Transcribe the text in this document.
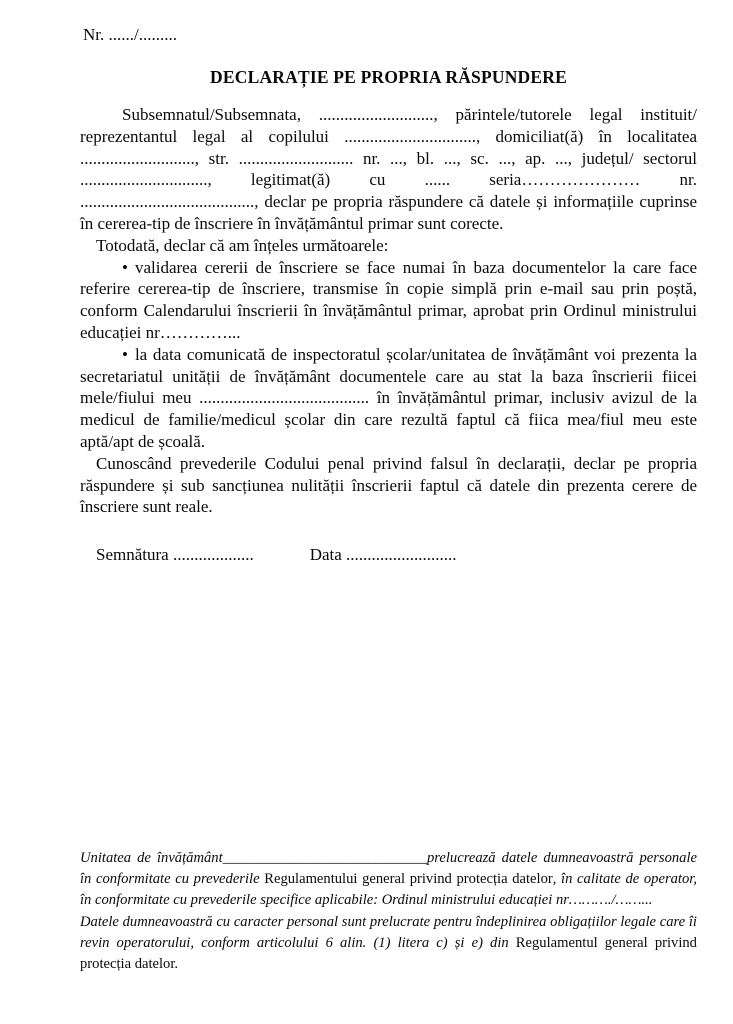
Nr. ....../.........
DECLARAȚIE PE PROPRIA RĂSPUNDERE

Subsemnatul/Subsemnata, ..........................., părintele/tutorele legal instituit/ reprezentantul legal al copilului ..............................., domiciliat(ă) în localitatea ..........................., str. ........................... nr. ..., bl. ..., sc. ..., ap. ..., județul/ sectorul .............................., legitimat(ă) cu ...... seria………………… nr. ........................................., declar pe propria răspundere că datele și informațiile cuprinse în cererea-tip de înscriere în învățământul primar sunt corecte.

Totodată, declar că am înțeles următoarele:

• validarea cererii de înscriere se face numai în baza documentelor la care face referire cererea-tip de înscriere, transmise în copie simplă prin e-mail sau prin poștă, conform Calendarului înscrierii în învățământul primar, aprobat prin Ordinul ministrului educației nr…………...

• la data comunicată de inspectoratul școlar/unitatea de învățământ voi prezenta la secretariatul unității de învățământ documentele care au stat la baza înscrierii fiicei mele/fiului meu ........................................ în învățământul primar, inclusiv avizul de la medicul de familie/medicul școlar din care rezultă faptul că fiica mea/fiul meu este aptă/apt de școală.

Cunoscând prevederile Codului penal privind falsul în declarații, declar pe propria răspundere și sub sancțiunea nulității înscrierii faptul că datele din prezenta cerere de înscriere sunt reale.

Semnătura ...................	Data ..........................

Unitatea de învățământ____________________________prelucrează datele dumneavoastră personale în conformitate cu prevederile Regulamentului general privind protecția datelor, în calitate de operator, în conformitate cu prevederile specifice aplicabile: Ordinul ministrului educației nr………./……...

Datele dumneavoastră cu caracter personal sunt prelucrate pentru îndeplinirea obligațiilor legale care îi revin operatorului, conform articolului 6 alin. (1) litera c) și e) din Regulamentul general privind protecția datelor.
